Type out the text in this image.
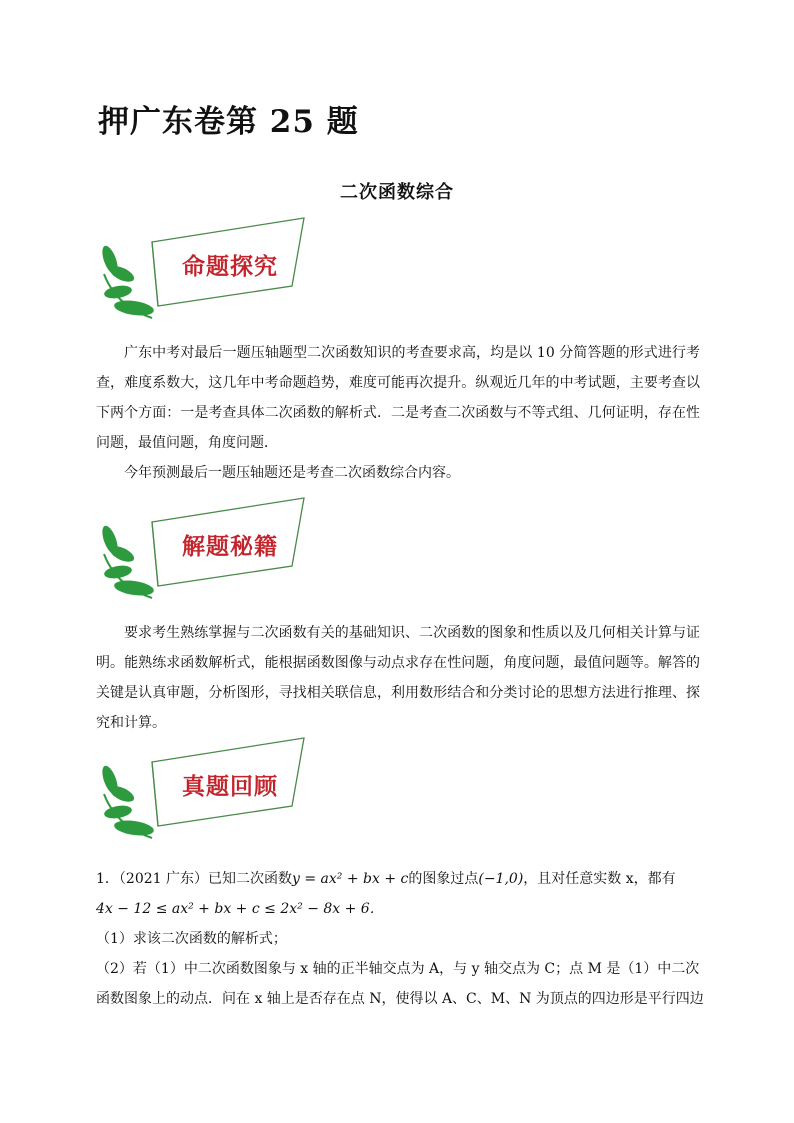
押广东卷第 25 题
二次函数综合
命题探究

广东中考对最后一题压轴题型二次函数知识的考查要求高，均是以 10 分简答题的形式进行考查，难度系数大，这几年中考命题趋势，难度可能再次提升。纵观近几年的中考试题，主要考查以下两个方面：一是考查具体二次函数的解析式．二是考查二次函数与不等式组、几何证明，存在性问题，最值问题，角度问题．

今年预测最后一题压轴题还是考查二次函数综合内容。

解题秘籍

要求考生熟练掌握与二次函数有关的基础知识、二次函数的图象和性质以及几何相关计算与证明。能熟练求函数解析式，能根据函数图像与动点求存在性问题，角度问题，最值问题等。解答的关键是认真审题，分析图形，寻找相关联信息，利用数形结合和分类讨论的思想方法进行推理、探究和计算。

真题回顾

1．（2021 广东）已知二次函数y = ax² + bx + c的图象过点(−1,0)，且对任意实数 x，都有

4x − 12 ≤ ax² + bx + c ≤ 2x² − 8x + 6．

（1）求该二次函数的解析式；

（2）若（1）中二次函数图象与 x 轴的正半轴交点为 A，与 y 轴交点为 C；点 M 是（1）中二次函数图象上的动点．问在 x 轴上是否存在点 N，使得以 A、C、M、N 为顶点的四边形是平行四边
